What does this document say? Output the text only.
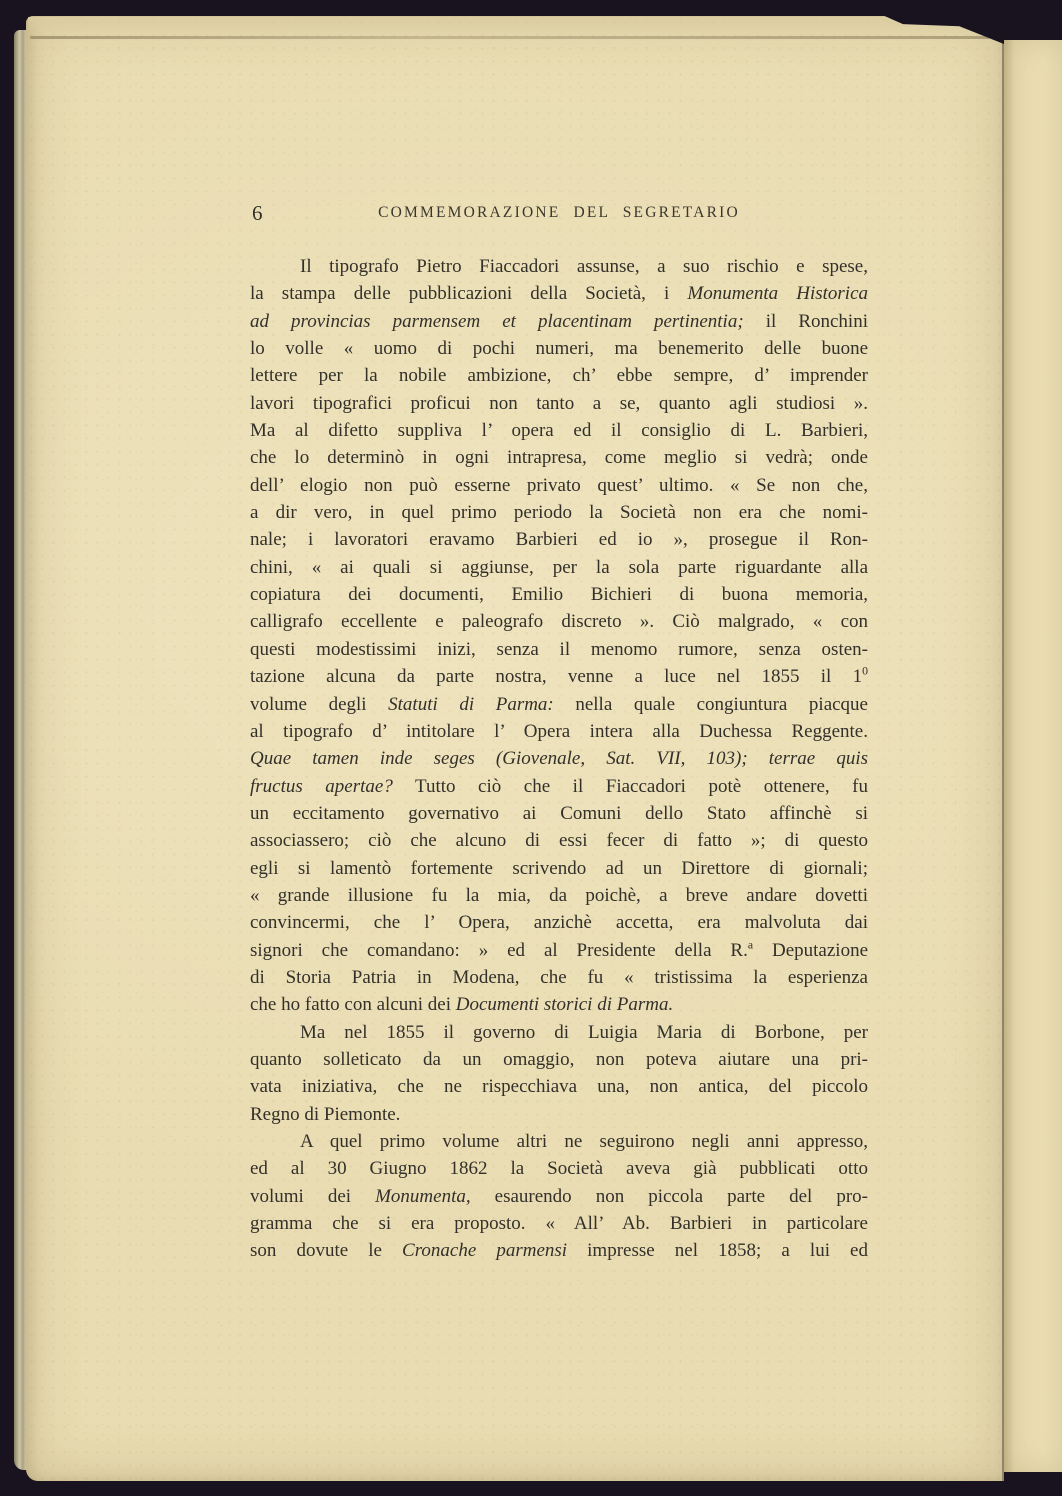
6	COMMEMORAZIONE DEL SEGRETARIO
Il tipografo Pietro Fiaccadori assunse, a suo rischio e spese,
la stampa delle pubblicazioni della Società, i Monumenta Historica
ad provincias parmensem et placentinam pertinentia; il Ronchini
lo volle « uomo di pochi numeri, ma benemerito delle buone
lettere per la nobile ambizione, ch’ ebbe sempre, d’ imprender
lavori tipografici proficui non tanto a se, quanto agli studiosi ».
Ma al difetto suppliva l’ opera ed il consiglio di L. Barbieri,
che lo determinò in ogni intrapresa, come meglio si vedrà; onde
dell’ elogio non può esserne privato quest’ ultimo. « Se non che,
a dir vero, in quel primo periodo la Società non era che nomi-
nale; i lavoratori eravamo Barbieri ed io », prosegue il Ron-
chini, « ai quali si aggiunse, per la sola parte riguardante alla
copiatura dei documenti, Emilio Bichieri di buona memoria,
calligrafo eccellente e paleografo discreto ». Ciò malgrado, « con
questi modestissimi inizi, senza il menomo rumore, senza osten-
tazione alcuna da parte nostra, venne a luce nel 1855 il $1^0$
volume degli Statuti di Parma: nella quale congiuntura piacque
al tipografo d’ intitolare l’ Opera intera alla Duchessa Reggente.
Quae tamen inde seges (Giovenale, Sat. VII, 103); terrae quis
fructus apertae? Tutto ciò che il Fiaccadori potè ottenere, fu
un eccitamento governativo ai Comuni dello Stato affinchè si
associassero; ciò che alcuno di essi fecer di fatto »; di questo
egli si lamentò fortemente scrivendo ad un Direttore di giornali;
« grande illusione fu la mia, da poichè, a breve andare dovetti
convincermi, che l’ Opera, anzichè accetta, era malvoluta dai
signori che comandano: » ed al Presidente della R.$^a$ Deputazione
di Storia Patria in Modena, che fu « tristissima la esperienza
che ho fatto con alcuni dei Documenti storici di Parma.
Ma nel 1855 il governo di Luigia Maria di Borbone, per
quanto solleticato da un omaggio, non poteva aiutare una pri-
vata iniziativa, che ne rispecchiava una, non antica, del piccolo
Regno di Piemonte.
A quel primo volume altri ne seguirono negli anni appresso,
ed al 30 Giugno 1862 la Società aveva già pubblicati otto
volumi dei Monumenta, esaurendo non piccola parte del pro-
gramma che si era proposto. « All’ Ab. Barbieri in particolare
son dovute le Cronache parmensi impresse nel 1858; a lui ed
